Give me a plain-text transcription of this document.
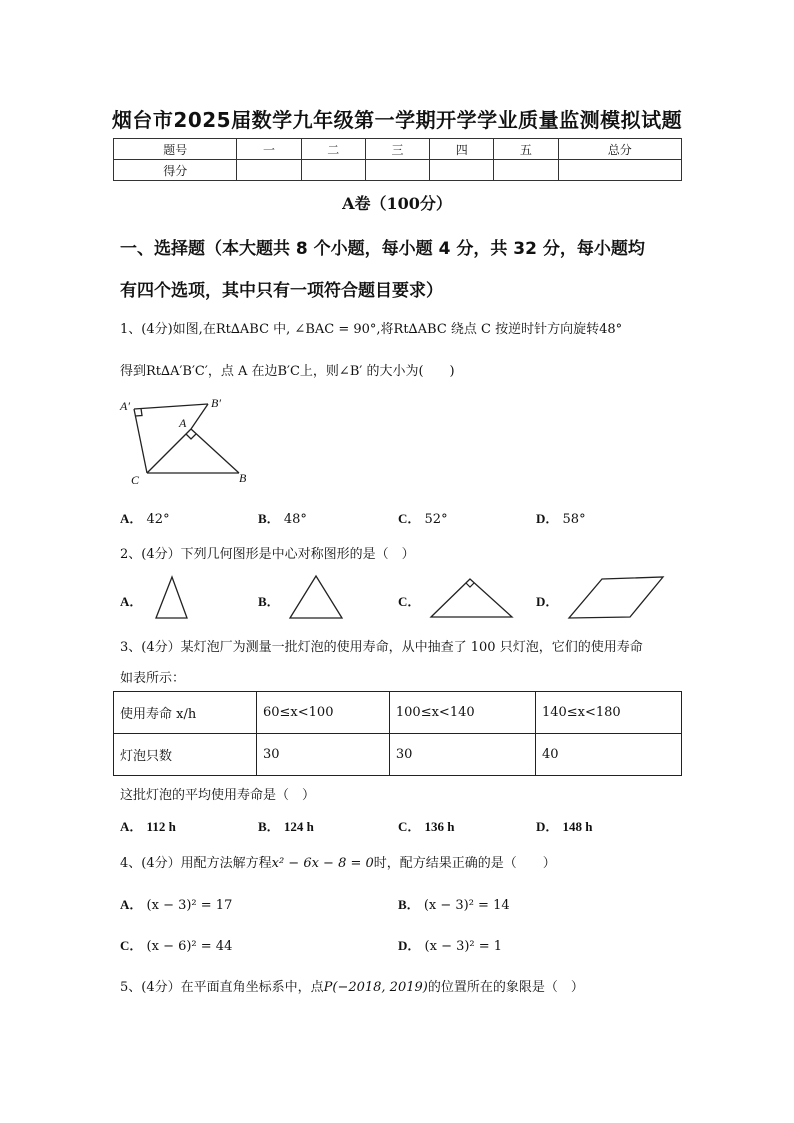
烟台市2025届数学九年级第一学期开学学业质量监测模拟试题
题号	一	二	三	四	五	总分
得分						
A卷（100分）
一、选择题（本大题共 8 个小题，每小题 4 分，共 32 分，每小题均
有四个选项，其中只有一项符合题目要求）
1、(4分)如图,在Rt∆ABC 中, ∠BAC = 90°,将Rt∆ABC 绕点 C 按逆时针方向旋转48°
得到Rt∆A′B′C′，点 A 在边B′C上，则∠B′ 的大小为(　　)
A′	B′
A
C	B
A． 42°	B． 48°	C． 52°	D． 58°
2、(4分）下列几何图形是中心对称图形的是（　）
A．	B．	C．	D．
3、(4分）某灯泡厂为测量一批灯泡的使用寿命，从中抽查了 100 只灯泡，它们的使用寿命
如表所示：
使用寿命 x/h	60≤x<100	100≤x<140	140≤x<180
灯泡只数	30	30	40
这批灯泡的平均使用寿命是（　）
A． 112 h	B． 124 h	C． 136 h	D． 148 h
4、(4分）用配方法解方程x² − 6x − 8 = 0时，配方结果正确的是（　　）
A． (x − 3)² = 17	B． (x − 3)² = 14
C． (x − 6)² = 44	D． (x − 3)² = 1
5、(4分）在平面直角坐标系中，点P(−2018, 2019)的位置所在的象限是（　）
